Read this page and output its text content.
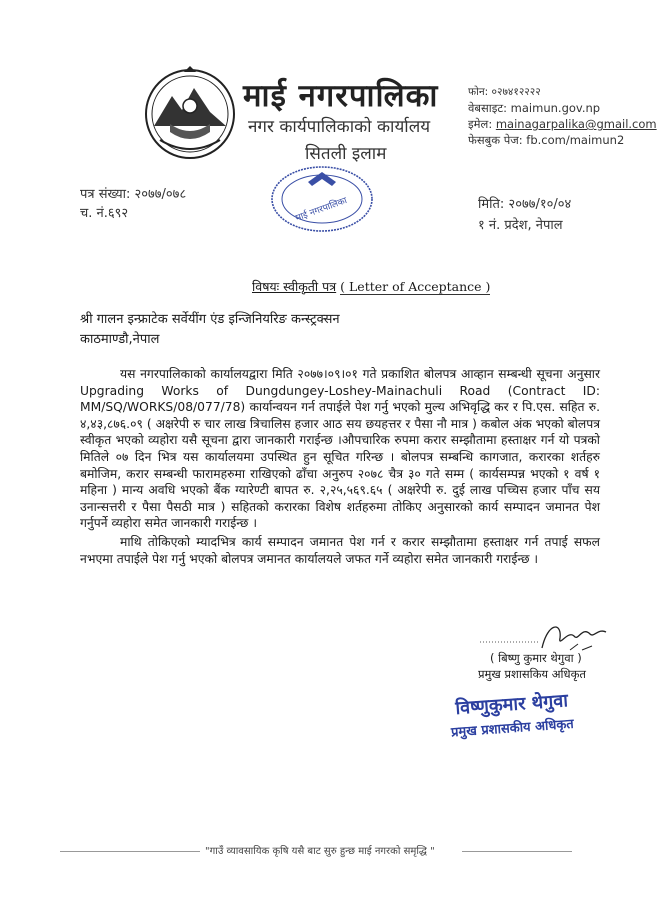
माई नगरपालिका
नगर कार्यपालिकाको कार्यालय
सितली इलाम
फोन: ०२७४१२२२२
वेबसाइट: maimun.gov.np
इमेल: mainagarpalika@gmail.com
फेसबुक पेज: fb.com/maimun2
माई नगरपालिका
पत्र संख्या: २०७७/०७८
च. नं.६९२
मिति: २०७७/१०/०४
१ नं. प्रदेश, नेपाल
विषयः स्वीकृती पत्र ( Letter of Acceptance )
श्री गालन इन्फ्राटेक सर्वेयींग एंड इन्जिनियरिङ कन्स्ट्रक्सन
काठमाण्डौ,नेपाल

यस नगरपालिकाको कार्यालयद्वारा मिति २०७७।०९।०१ गते प्रकाशित बोलपत्र आव्हान सम्बन्धी सूचना अनुसार Upgrading Works of Dungdungey-Loshey-Mainachuli Road (Contract ID: MM/SQ/WORKS/08/077/78) कार्यान्वयन गर्न तपाईले पेश गर्नु भएको मुल्य अभिवृद्धि कर र पि.एस. सहित रु. ४,४३,८७६.०९ ( अक्षरेपी रु चार लाख त्रिचालिस हजार आठ सय छयहत्तर र पैसा नौ मात्र ) कबोल अंक भएको बोलपत्र स्वीकृत भएको व्यहोरा यसै सूचना द्वारा जानकारी गराईन्छ ।औपचारिक रुपमा करार सम्झौतामा हस्ताक्षर गर्न यो पत्रको मितिले ०७ दिन भित्र यस कार्यालयमा उपस्थित हुन सूचित गरिन्छ । बोलपत्र सम्बन्धि कागजात, करारका शर्तहरु बमोजिम, करार सम्बन्धी फारामहरुमा राखिएको ढाँचा अनुरुप २०७८ चैत्र ३० गते सम्म ( कार्यसम्पन्न भएको १ वर्ष १ महिना ) मान्य अवधि भएको बैंक ग्यारेण्टी बापत रु. २,२५,५६९.६५ ( अक्षरेपी रु. दुई लाख पच्चिस हजार पाँच सय उनान्सत्तरी र पैसा पैसठी मात्र ) सहितको करारका विशेष शर्तहरुमा तोकिए अनुसारको कार्य सम्पादन जमानत पेश गर्नुपर्ने व्यहोरा समेत जानकारी गराईन्छ ।

माथि तोकिएको म्यादभित्र कार्य सम्पादन जमानत पेश गर्न र करार सम्झौतामा हस्ताक्षर गर्न तपाई सफल नभएमा तपाईले पेश गर्नु भएको बोलपत्र जमानत कार्यालयले जफत गर्ने व्यहोरा समेत जानकारी गराईन्छ ।

( बिष्णु कुमार थेगुवा )
प्रमुख प्रशासकिय अधिकृत
विष्णुकुमार थेगुवा
प्रमुख प्रशासकीय अधिकृत
"गाउँ व्यावसायिक कृषि यसै बाट सुरु हुन्छ माई नगरको समृद्धि "
